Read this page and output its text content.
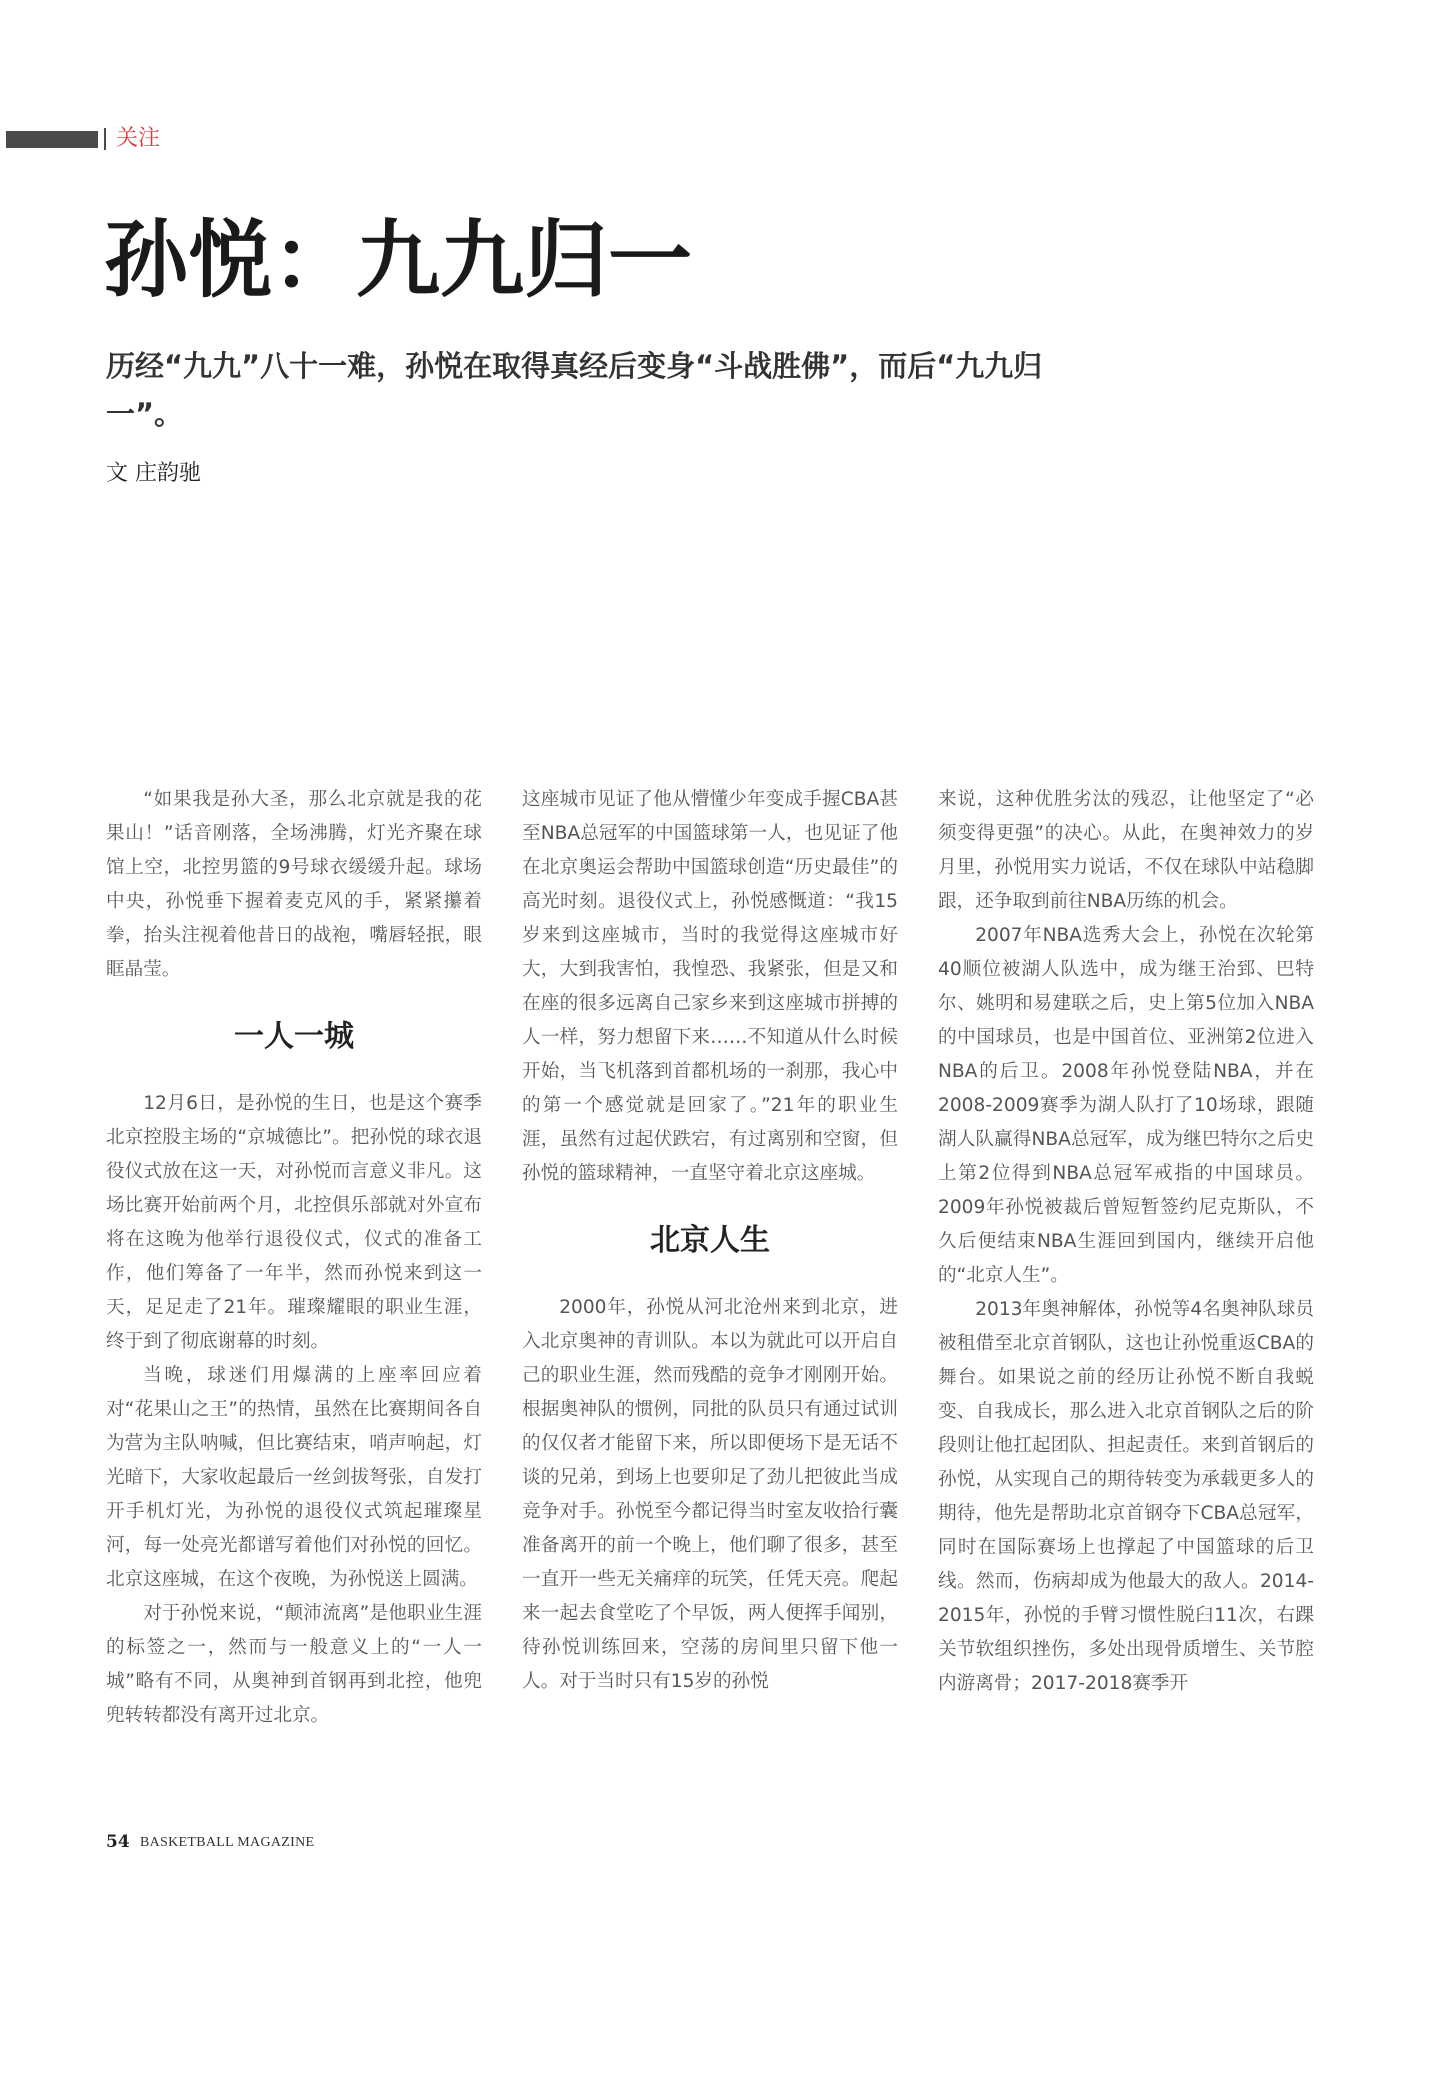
关注
孙悦：九九归一

历经“九九”八十一难，孙悦在取得真经后变身“斗战胜佛”，而后“九九归一”。

文 庄韵驰

“如果我是孙大圣，那么北京就是我的花果山！”话音刚落，全场沸腾，灯光齐聚在球馆上空，北控男篮的9号球衣缓缓升起。球场中央，孙悦垂下握着麦克风的手，紧紧攥着拳，抬头注视着他昔日的战袍，嘴唇轻抿，眼眶晶莹。

一人一城

12月6日，是孙悦的生日，也是这个赛季北京控股主场的“京城德比”。把孙悦的球衣退役仪式放在这一天，对孙悦而言意义非凡。这场比赛开始前两个月，北控俱乐部就对外宣布将在这晚为他举行退役仪式，仪式的准备工作，他们筹备了一年半，然而孙悦来到这一天，足足走了21年。璀璨耀眼的职业生涯，终于到了彻底谢幕的时刻。

当晚，球迷们用爆满的上座率回应着对“花果山之王”的热情，虽然在比赛期间各自为营为主队呐喊，但比赛结束，哨声响起，灯光暗下，大家收起最后一丝剑拔弩张，自发打开手机灯光，为孙悦的退役仪式筑起璀璨星河，每一处亮光都谱写着他们对孙悦的回忆。北京这座城，在这个夜晚，为孙悦送上圆满。

对于孙悦来说，“颠沛流离”是他职业生涯的标签之一，然而与一般意义上的“一人一城”略有不同，从奥神到首钢再到北控，他兜兜转转都没有离开过北京。

这座城市见证了他从懵懂少年变成手握CBA甚至NBA总冠军的中国篮球第一人，也见证了他在北京奥运会帮助中国篮球创造“历史最佳”的高光时刻。退役仪式上，孙悦感慨道：“我15岁来到这座城市，当时的我觉得这座城市好大，大到我害怕，我惶恐、我紧张，但是又和在座的很多远离自己家乡来到这座城市拼搏的人一样，努力想留下来……不知道从什么时候开始，当飞机落到首都机场的一刹那，我心中的第一个感觉就是回家了。”21年的职业生涯，虽然有过起伏跌宕，有过离别和空窗，但孙悦的篮球精神，一直坚守着北京这座城。

北京人生

2000年，孙悦从河北沧州来到北京，进入北京奥神的青训队。本以为就此可以开启自己的职业生涯，然而残酷的竞争才刚刚开始。根据奥神队的惯例，同批的队员只有通过试训的仅仅者才能留下来，所以即便场下是无话不谈的兄弟，到场上也要卯足了劲儿把彼此当成竞争对手。孙悦至今都记得当时室友收拾行囊准备离开的前一个晚上，他们聊了很多，甚至一直开一些无关痛痒的玩笑，任凭天亮。爬起来一起去食堂吃了个早饭，两人便挥手闻别，待孙悦训练回来，空荡的房间里只留下他一人。对于当时只有15岁的孙悦

来说，这种优胜劣汰的残忍，让他坚定了“必须变得更强”的决心。从此，在奥神效力的岁月里，孙悦用实力说话，不仅在球队中站稳脚跟，还争取到前往NBA历练的机会。

2007年NBA选秀大会上，孙悦在次轮第40顺位被湖人队选中，成为继王治郅、巴特尔、姚明和易建联之后，史上第5位加入NBA的中国球员，也是中国首位、亚洲第2位进入NBA的后卫。2008年孙悦登陆NBA，并在2008-2009赛季为湖人队打了10场球，跟随湖人队赢得NBA总冠军，成为继巴特尔之后史上第2位得到NBA总冠军戒指的中国球员。2009年孙悦被裁后曾短暂签约尼克斯队，不久后便结束NBA生涯回到国内，继续开启他的“北京人生”。

2013年奥神解体，孙悦等4名奥神队球员被租借至北京首钢队，这也让孙悦重返CBA的舞台。如果说之前的经历让孙悦不断自我蜕变、自我成长，那么进入北京首钢队之后的阶段则让他扛起团队、担起责任。来到首钢后的孙悦，从实现自己的期待转变为承载更多人的期待，他先是帮助北京首钢夺下CBA总冠军，同时在国际赛场上也撑起了中国篮球的后卫线。然而，伤病却成为他最大的敌人。2014-2015年，孙悦的手臂习惯性脱臼11次，右踝关节软组织挫伤，多处出现骨质增生、关节腔内游离骨；2017-2018赛季开

54 BASKETBALL MAGAZINE
